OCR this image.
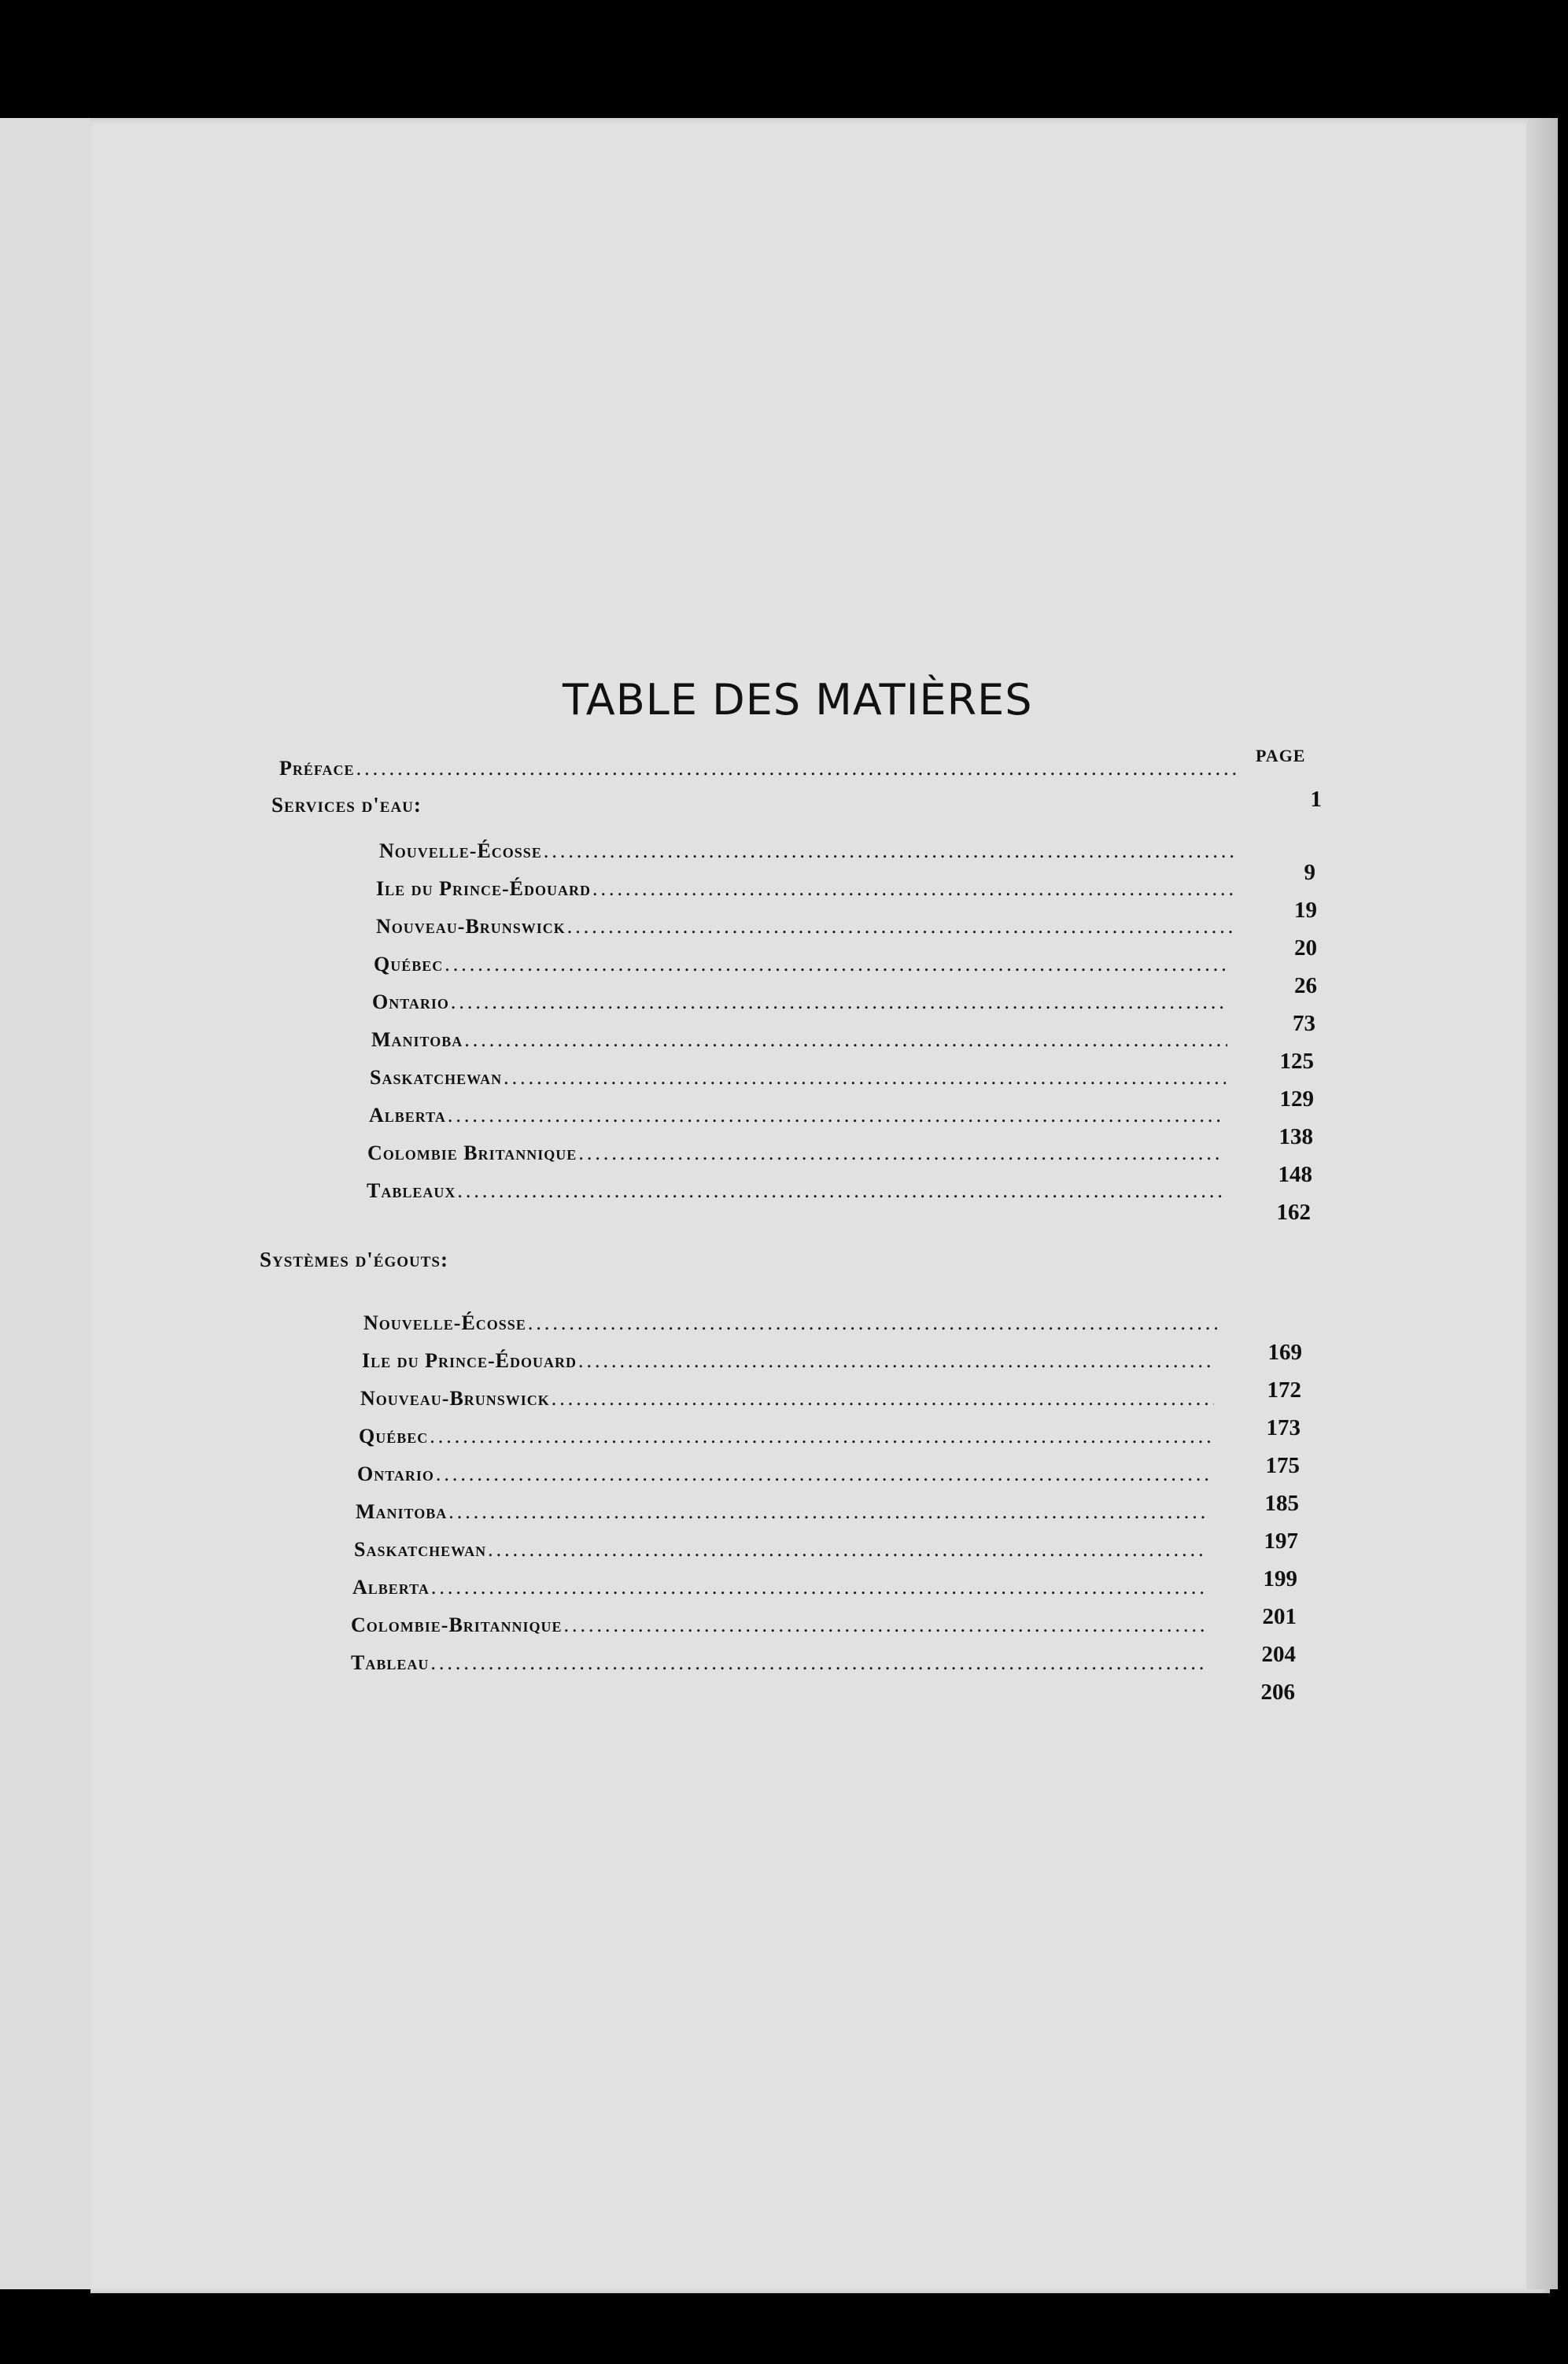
TABLE DES MATIÈRES
PAGE
Préface
.....
1
Services d'eau:
Nouvelle-Écosse
.....
Ile du Prince-Édouard
.....
Nouveau-Brunswick
.....
Québec
.....
Ontario
.....
Manitoba
.....
Saskatchewan
.....
Alberta
.....
Colombie Britannique
.....
Tableaux
.....
9
19
20
26
73
125
129
138
148
162
Systèmes d'égouts:
Nouvelle-Écosse
.....
Ile du Prince-Édouard
.....
Nouveau-Brunswick
.....
Québec
.....
Ontario
.....
Manitoba
.....
Saskatchewan
.....
Alberta
.....
Colombie-Britannique
.....
Tableau
.....
169
172
173
175
185
197
199
201
204
206
